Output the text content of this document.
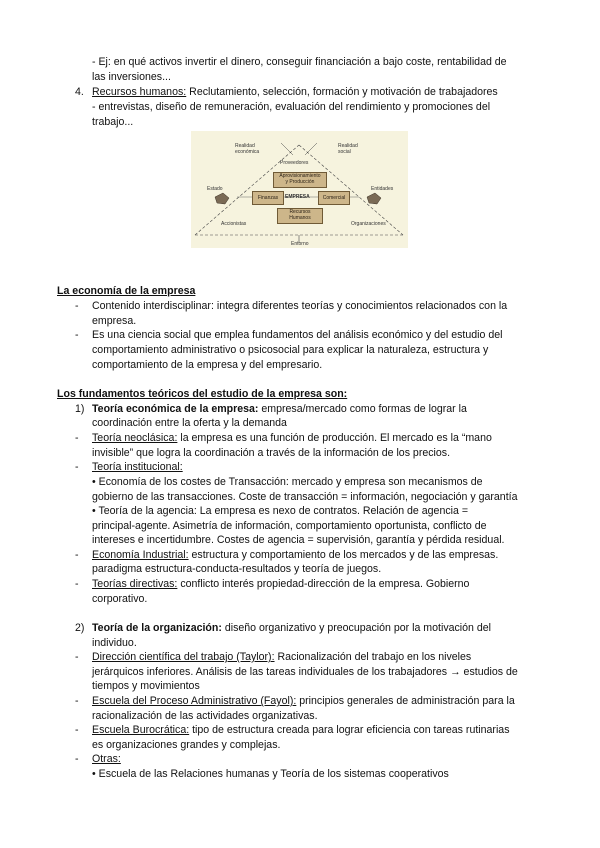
- Ej: en qué activos invertir el dinero, conseguir financiación a bajo coste, rentabilidad de
las inversiones...
4. Recursos humanos: Reclutamiento, selección, formación y motivación de trabajadores
- entrevistas, diseño de remuneración, evaluación del rendimiento y promociones del
trabajo...
Realidad
económica
Realidad
social
Proveedores
Aprovisionamiento
y Producción
EMPRESA
Finanzas	Comercial
Recursos
Humanos
Estado	Entidades
Accionistas	Organizaciones
Entorno
La economía de la empresa
- Contenido interdisciplinar: integra diferentes teorías y conocimientos relacionados con la
empresa.
- Es una ciencia social que emplea fundamentos del análisis económico y del estudio del
comportamiento administrativo o psicosocial para explicar la naturaleza, estructura y
comportamiento de la empresa y del empresario.
Los fundamentos teóricos del estudio de la empresa son:
1) Teoría económica de la empresa: empresa/mercado como formas de lograr la
coordinación entre la oferta y la demanda
- Teoría neoclásica: la empresa es una función de producción. El mercado es la “mano
invisible” que logra la coordinación a través de la información de los precios.
- Teoría institucional:
• Economía de los costes de Transacción: mercado y empresa son mecanismos de
gobierno de las transacciones. Coste de transacción = información, negociación y garantía
• Teoría de la agencia: La empresa es nexo de contratos. Relación de agencia =
principal-agente. Asimetría de información, comportamiento oportunista, conflicto de
intereses e incertidumbre. Costes de agencia = supervisión, garantía y pérdida residual.
- Economía Industrial: estructura y comportamiento de los mercados y de las empresas.
paradigma estructura-conducta-resultados y teoría de juegos.
- Teorías directivas: conflicto interés propiedad-dirección de la empresa. Gobierno
corporativo.
2) Teoría de la organización: diseño organizativo y preocupación por la motivación del
individuo.
- Dirección científica del trabajo (Taylor): Racionalización del trabajo en los niveles
jerárquicos inferiores. Análisis de las tareas individuales de los trabajadores → estudios de
tiempos y movimientos
- Escuela del Proceso Administrativo (Fayol): principios generales de administración para la
racionalización de las actividades organizativas.
- Escuela Burocrática: tipo de estructura creada para lograr eficiencia con tareas rutinarias
es organizaciones grandes y complejas.
- Otras:
• Escuela de las Relaciones humanas y Teoría de los sistemas cooperativos
